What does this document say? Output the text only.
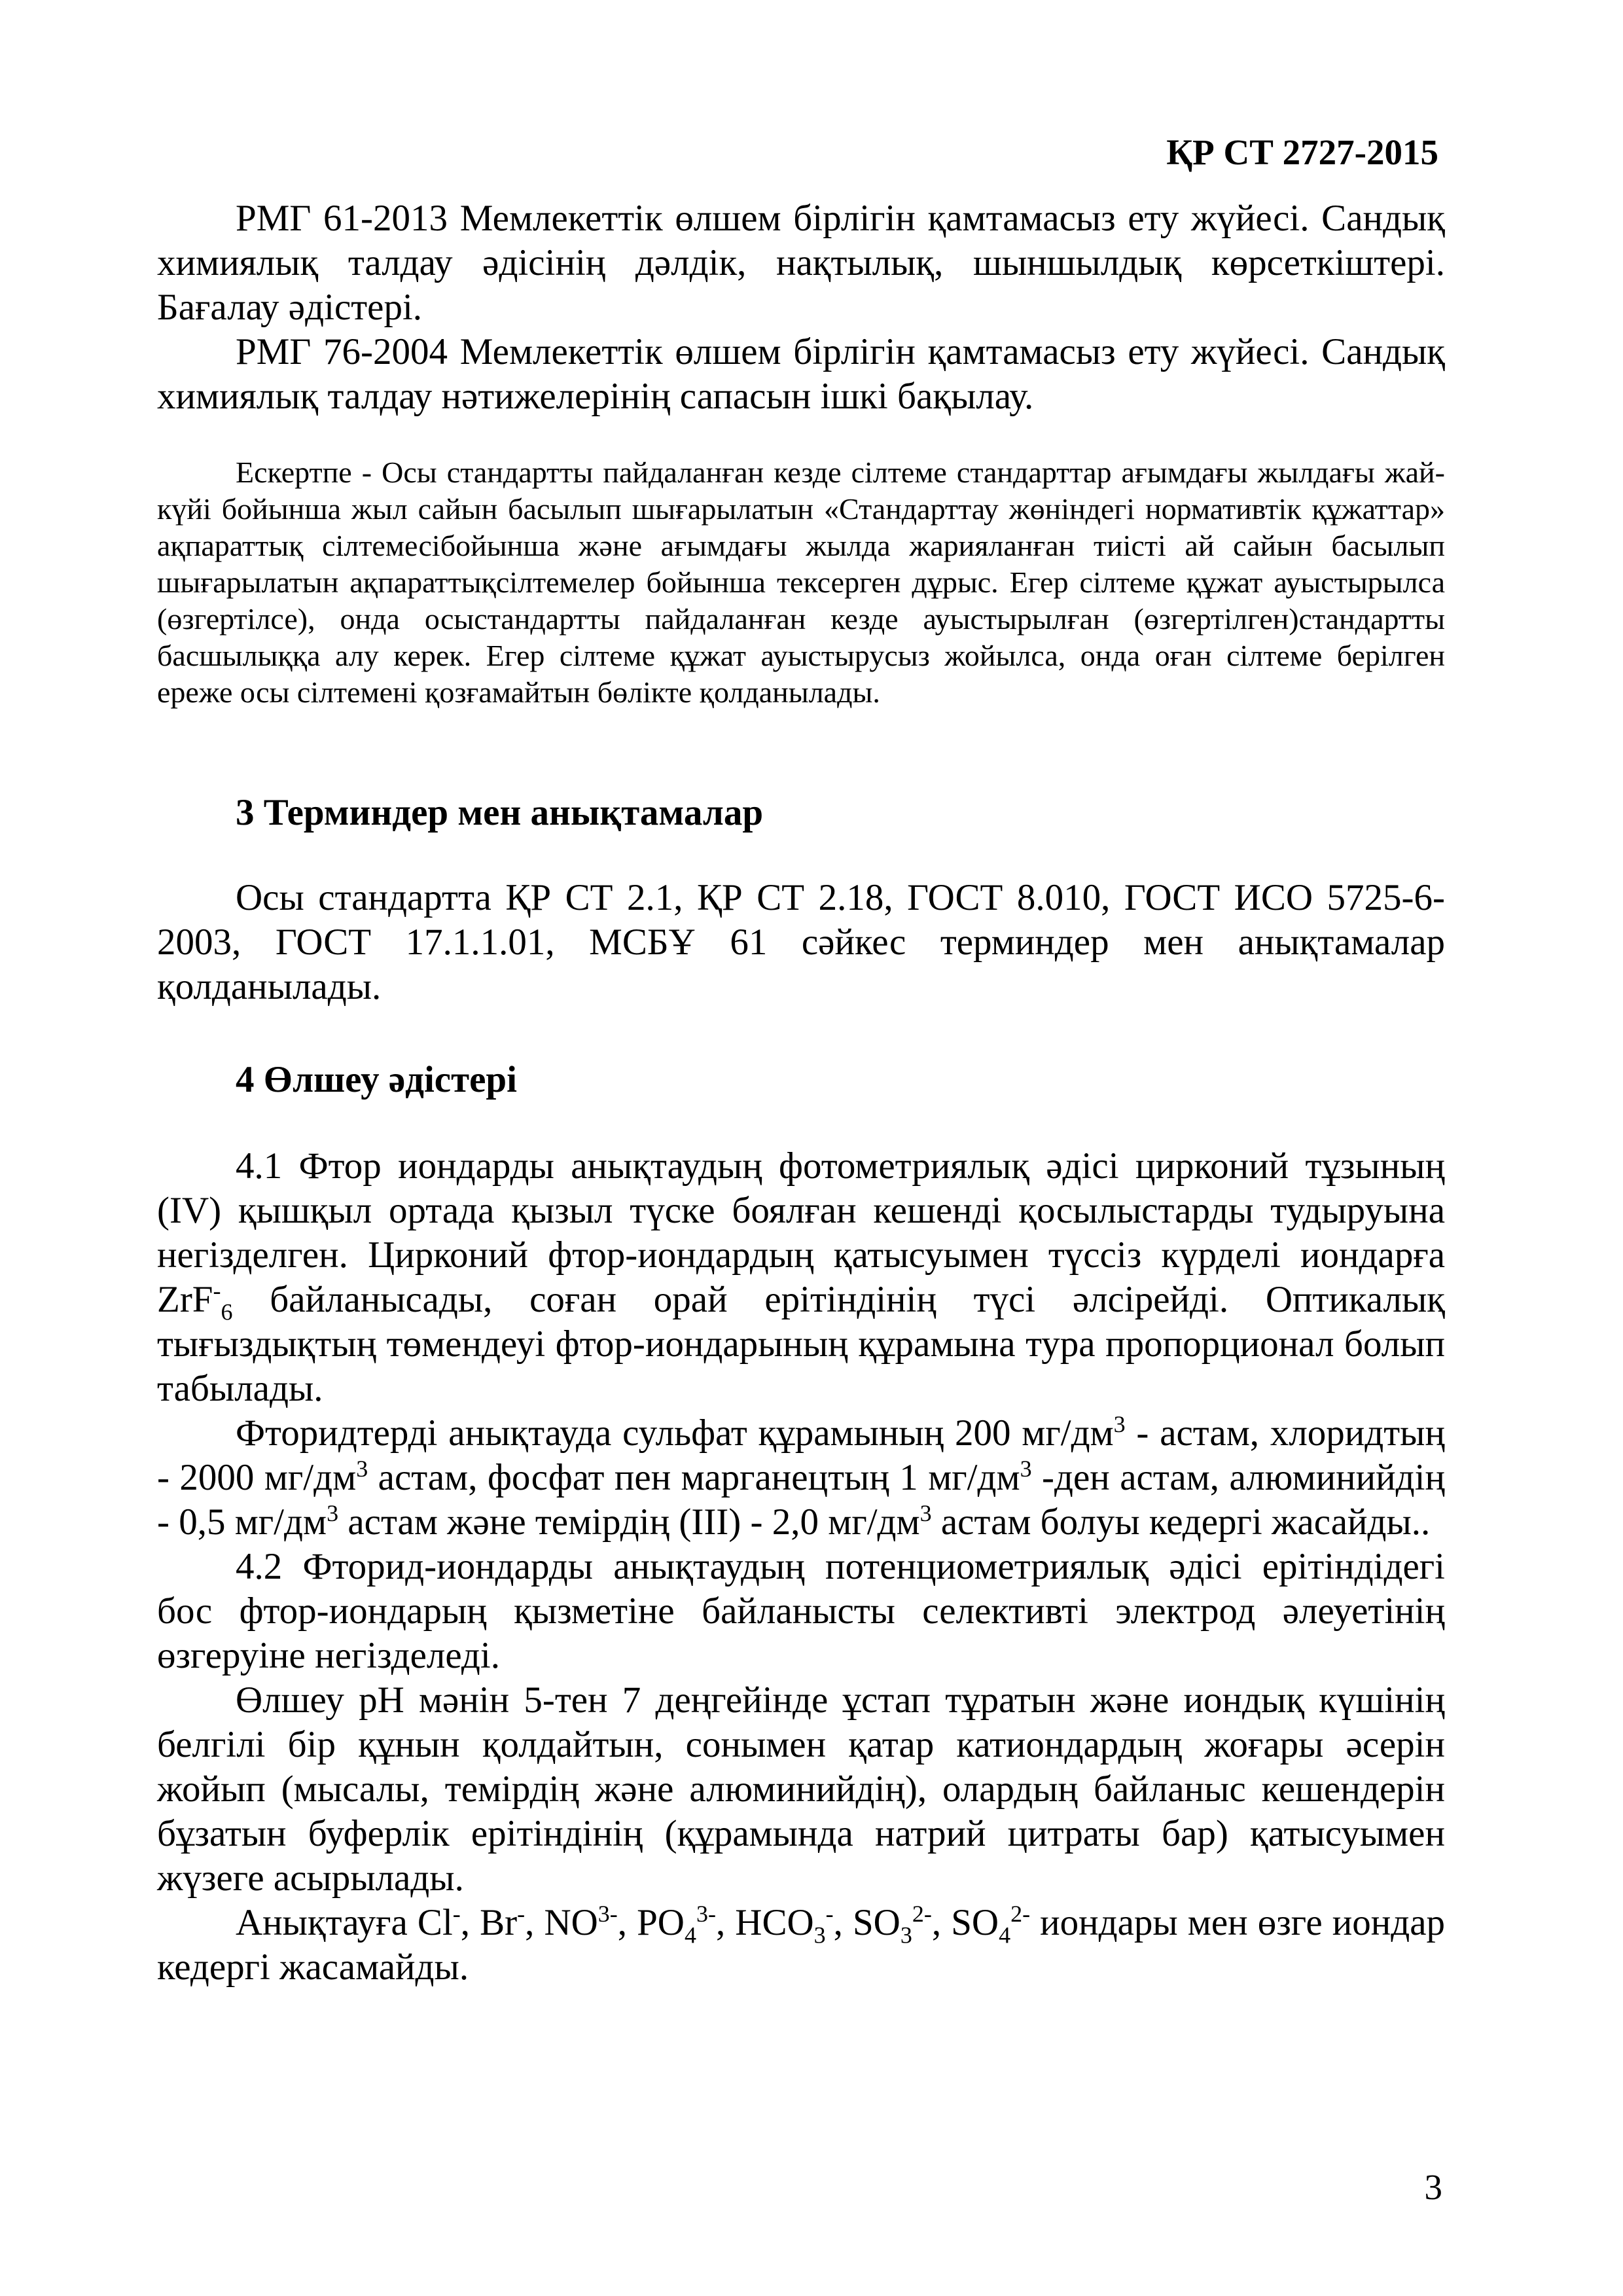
ҚР СТ 2727-2015

РМГ 61-2013 Мемлекеттік өлшем бірлігін қамтамасыз ету жүйесі. Сандық химиялық талдау әдісінің дәлдік, нақтылық, шыншылдық көрсеткіштері. Бағалау әдістері.

РМГ 76-2004 Мемлекеттік өлшем бірлігін қамтамасыз ету жүйесі. Сандық химиялық талдау нәтижелерінің сапасын ішкі бақылау.

Ескертпе - Осы стандартты пайдаланған кезде сілтеме стандарттар ағымдағы жылдағы жай-күйі бойынша жыл сайын басылып шығарылатын «Стандарттау жөніндегі нормативтік құжаттар» ақпараттық сілтемесібойынша және ағымдағы жылда жарияланған тиісті ай сайын басылып шығарылатын ақпараттықсілтемелер бойынша тексерген дұрыс. Егер сілтеме құжат ауыстырылса (өзгертілсе), онда осыстандартты пайдаланған кезде ауыстырылған (өзгертілген)стандартты басшылыққа алу керек. Егер сілтеме құжат ауыстырусыз жойылса, онда оған сілтеме берілген ереже осы сілтемені қозғамайтын бөлікте қолданылады.

3 Терминдер мен анықтамалар

Осы стандартта ҚР СТ 2.1, ҚР СТ 2.18, ГОСТ 8.010, ГОСТ ИСО 5725-6-2003, ГОСТ 17.1.1.01, МСБҰ 61 сәйкес терминдер мен анықтамалар қолданылады.

4 Өлшеу әдістері

4.1 Фтор иондарды анықтаудың фотометриялық әдісі цирконий тұзының (IV) қышқыл ортада қызыл түске боялған кешенді қосылыстарды тудыруына негізделген. Цирконий фтор-иондардың қатысуымен түссіз күрделі иондарға ZrF-$_6$ байланысады, соған орай ерітіндінің түсі әлсірейді. Оптикалық тығыздықтың төмендеуі фтор-иондарының құрамына тура пропорционал болып табылады.

Фторидтерді анықтауда сульфат құрамының 200 $мг/дм^3$ - астам, хлоридтың - 2000 $мг/дм^3$ астам, фосфат пен марганецтың 1 $мг/дм^3$ -ден астам, алюминийдің - 0,5 $мг/дм^3$ астам және темірдің (III) - 2,0 $мг/дм^3$ астам болуы кедергі жасайды..

4.2 Фторид-иондарды анықтаудың потенциометриялық әдісі ерітіндідегі бос фтор-иондарың қызметіне байланысты селективті электрод әлеуетінің өзгеруіне негізделеді.

Өлшеу рН мәнін 5-тен 7 деңгейінде ұстап тұратын және иондық күшінің белгілі бір құнын қолдайтын, сонымен қатар катиондардың жоғары әсерін жойып (мысалы, темірдің және алюминийдің), олардың байланыс кешендерін бұзатын буферлік ерітіндінің (құрамында натрий цитраты бар) қатысуымен жүзеге асырылады.

Анықтауға Cl-, Br-, $NO^{3-}$, $PO_4^{3-}$, $HCO_3^-$, $SO_3^{2-}$, $SO_4^{2-}$ иондары мен өзге иондар кедергі жасамайды.

3
